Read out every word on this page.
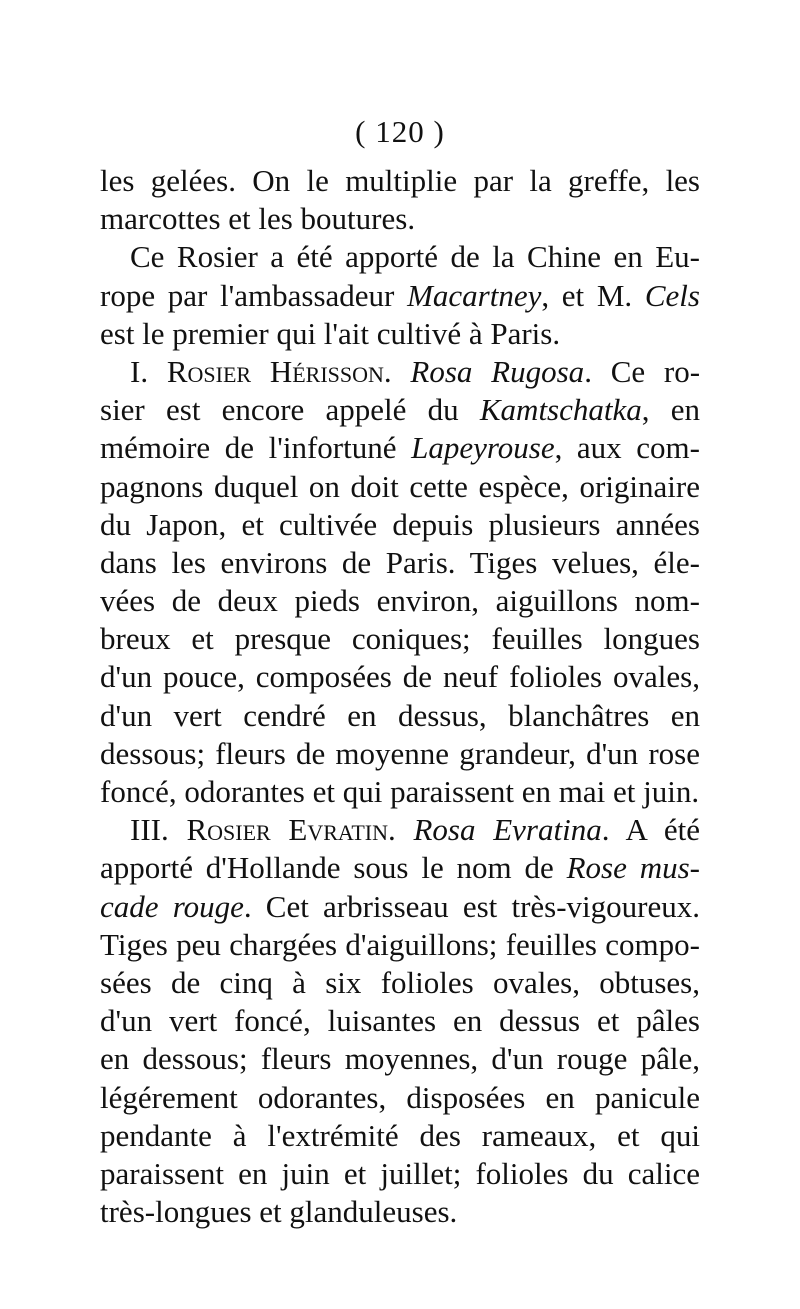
( 120 )
les gelées. On le multiplie par la greffe, les
marcottes et les boutures.
Ce Rosier a été apporté de la Chine en Eu-
rope par l'ambassadeur Macartney, et M. Cels
est le premier qui l'ait cultivé à Paris.
I. Rosier Hérisson. Rosa Rugosa. Ce ro-
sier est encore appelé du Kamtschatka, en
mémoire de l'infortuné Lapeyrouse, aux com-
pagnons duquel on doit cette espèce, originaire
du Japon, et cultivée depuis plusieurs années
dans les environs de Paris. Tiges velues, éle-
vées de deux pieds environ, aiguillons nom-
breux et presque coniques; feuilles longues
d'un pouce, composées de neuf folioles ovales,
d'un vert cendré en dessus, blanchâtres en
dessous; fleurs de moyenne grandeur, d'un rose
foncé, odorantes et qui paraissent en mai et juin.
III. Rosier Evratin. Rosa Evratina. A été
apporté d'Hollande sous le nom de Rose mus-
cade rouge. Cet arbrisseau est très-vigoureux.
Tiges peu chargées d'aiguillons; feuilles compo-
sées de cinq à six folioles ovales, obtuses,
d'un vert foncé, luisantes en dessus et pâles
en dessous; fleurs moyennes, d'un rouge pâle,
légérement odorantes, disposées en panicule
pendante à l'extrémité des rameaux, et qui
paraissent en juin et juillet; folioles du calice
très-longues et glanduleuses.
